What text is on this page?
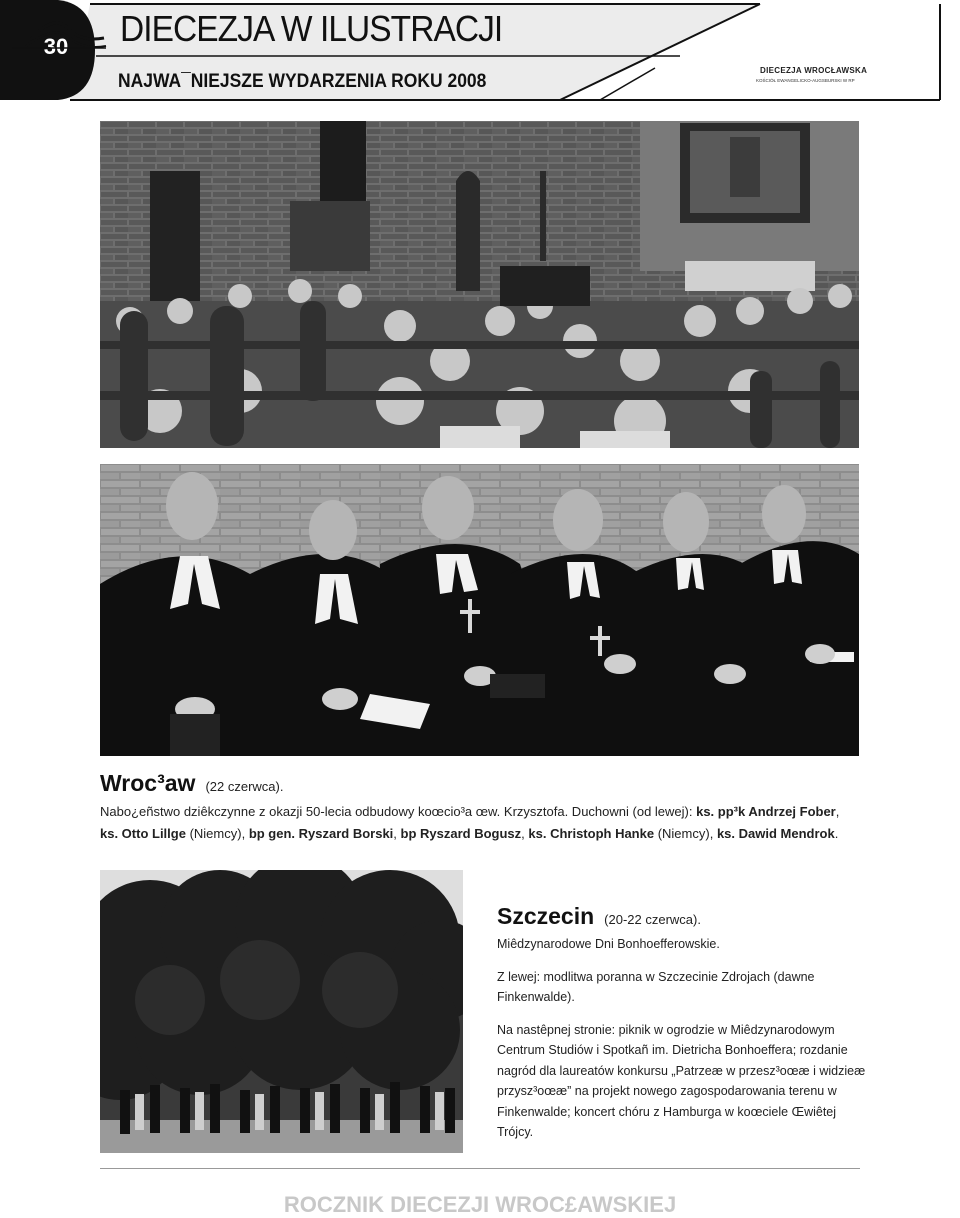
30	DIECEZJA W ILUSTRACJI
NAJWA¯NIEJSZE WYDARZENIA ROKU 2008
DIECEZJA WROCŁAWSKA
KOŚCIÓŁ EWANGELICKO-AUGSBURSKI W RP
Wroc³aw (22 czerwca).
Nabo¿eñstwo dziêkczynne z okazji 50-lecia odbudowy koœcio³a œw. Krzysztofa. Duchowni (od lewej): ks. pp³k Andrzej Fober, ks. Otto Lillge (Niemcy), bp gen. Ryszard Borski, bp Ryszard Bogusz, ks. Christoph Hanke (Niemcy), ks. Dawid Mendrok.
Szczecin (20-22 czerwca).

Miêdzynarodowe Dni Bonhoefferowskie.

Z lewej: modlitwa poranna w Szczecinie Zdrojach (dawne Finkenwalde).

Na nastêpnej stronie: piknik w ogrodzie w Miêdzynarodowym Centrum Studiów i Spotkañ im. Dietricha Bonhoeffera; rozdanie nagród dla laureatów konkursu „Patrzeæ w przesz³oœæ i widzieæ przysz³oœæ” na projekt nowego zagospodarowania terenu w Finkenwalde; koncert chóru z Hamburga w koœciele Œwiêtej Trójcy.

ROCZNIK DIECEZJI WROC£AWSKIEJ
